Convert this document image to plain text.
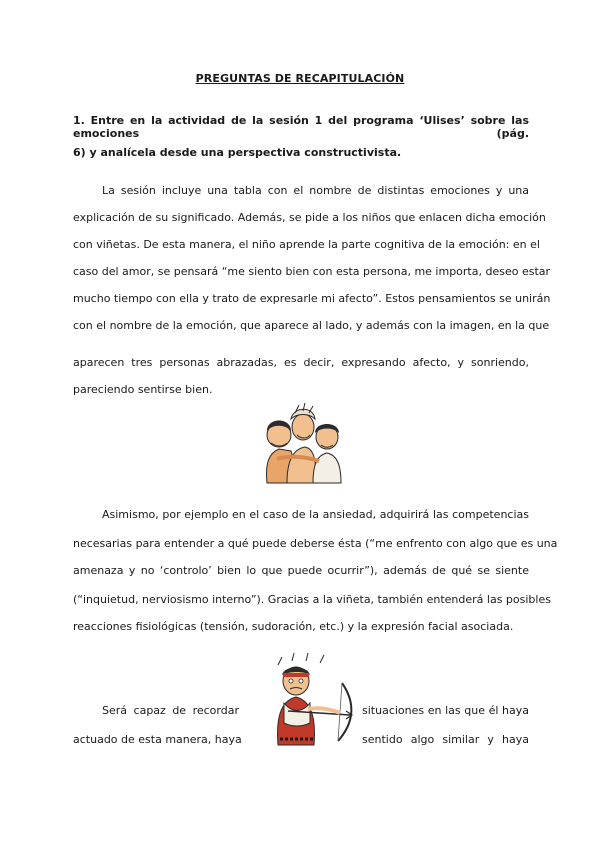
PREGUNTAS DE RECAPITULACIÓN
1. Entre en la actividad de la sesión 1 del programa ‘Ulises’ sobre las emociones (pág.
6) y analícela desde una perspectiva constructivista.
La sesión incluye una tabla con el nombre de distintas emociones y una
explicación de su significado. Además, se pide a los niños que enlacen dicha emoción
con viñetas. De esta manera, el niño aprende la parte cognitiva de la emoción: en el
caso del amor, se pensará “me siento bien con esta persona, me importa, deseo estar
mucho tiempo con ella y trato de expresarle mi afecto”. Estos pensamientos se unirán
con el nombre de la emoción, que aparece al lado, y además con la imagen, en la que
aparecen tres personas abrazadas, es decir, expresando afecto, y sonriendo,
pareciendo sentirse bien.
Asimismo, por ejemplo en el caso de la ansiedad, adquirirá las competencias
necesarias para entender a qué puede deberse ésta (“me enfrento con algo que es una
amenaza y no ‘controlo’ bien lo que puede ocurrir”), además de qué se siente
(“inquietud, nerviosismo interno”). Gracias a la viñeta, también entenderá las posibles
reacciones fisiológicas (tensión, sudoración, etc.) y la expresión facial asociada.
Será capaz de recordar	situaciones en las que él haya
actuado de esta manera, haya	sentido algo similar y haya
